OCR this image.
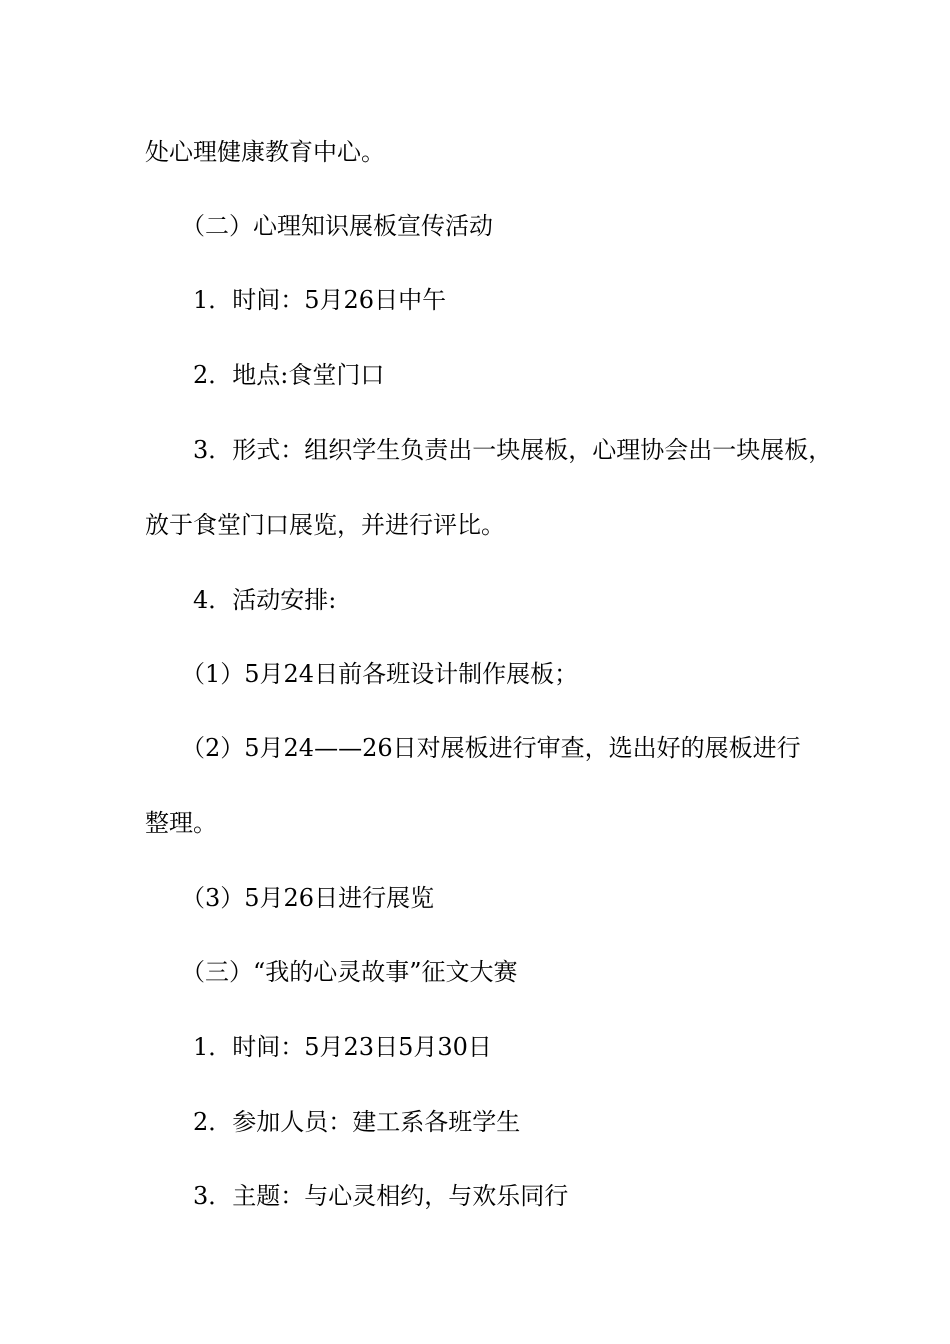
处心理健康教育中心。
（二）心理知识展板宣传活动
1．时间：5月26日中午
2．地点:食堂门口
3．形式：组织学生负责出一块展板，心理协会出一块展板，
放于食堂门口展览，并进行评比。
4．活动安排:
（1）5月24日前各班设计制作展板；
（2）5月24——26日对展板进行审查，选出好的展板进行
整理。
（3）5月26日进行展览
（三）“我的心灵故事”征文大赛
1．时间：5月23日5月30日
2．参加人员：建工系各班学生
3．主题：与心灵相约，与欢乐同行
